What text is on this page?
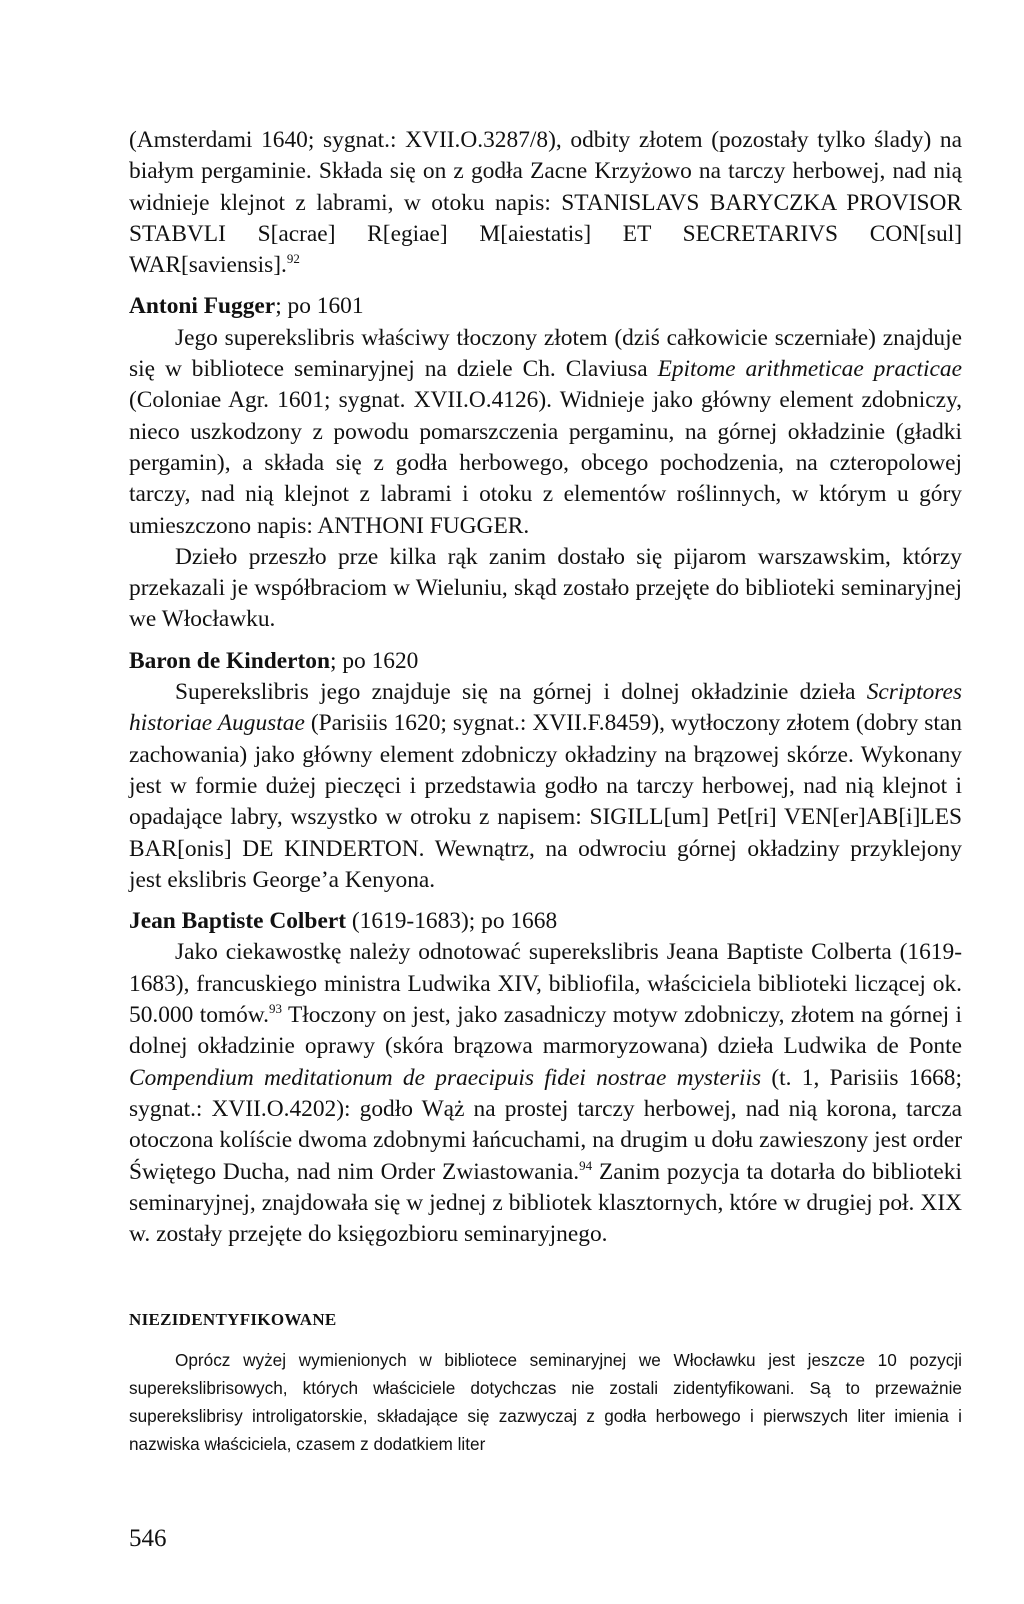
(Amsterdami 1640; sygnat.: XVII.O.3287/8), odbity złotem (pozostały tylko ślady) na białym pergaminie. Składa się on z godła Zacne Krzyżowo na tarczy herbowej, nad nią widnieje klejnot z labrami, w otoku napis: STANISLAVS BARYCZKA PROVISOR STABVLI S[acrae] R[egiae] M[aiestatis] ET SECRETARIVS CON[sul] WAR[saviensis].$^{92}$

Antoni Fugger; po 1601

Jego superekslibris właściwy tłoczony złotem (dziś całkowicie sczerniałe) znajduje się w bibliotece seminaryjnej na dziele Ch. Claviusa Epitome arithmeticae practicae (Coloniae Agr. 1601; sygnat. XVII.O.4126). Widnieje jako główny element zdobniczy, nieco uszkodzony z powodu pomarszczenia pergaminu, na górnej okładzinie (gładki pergamin), a składa się z godła herbowego, obcego pochodzenia, na czteropolowej tarczy, nad nią klejnot z labrami i otoku z elementów roślinnych, w którym u góry umieszczono napis: ANTHONI FUGGER.

Dzieło przeszło prze kilka rąk zanim dostało się pijarom warszawskim, którzy przekazali je współbraciom w Wieluniu, skąd zostało przejęte do biblioteki seminaryjnej we Włocławku.

Baron de Kinderton; po 1620

Superekslibris jego znajduje się na górnej i dolnej okładzinie dzieła Scriptores historiae Augustae (Parisiis 1620; sygnat.: XVII.F.8459), wytłoczony złotem (dobry stan zachowania) jako główny element zdobniczy okładziny na brązowej skórze. Wykonany jest w formie dużej pieczęci i przedstawia godło na tarczy herbowej, nad nią klejnot i opadające labry, wszystko w otroku z napisem: SIGILL[um] Pet[ri] VEN[er]AB[i]LES BAR[onis] DE KINDERTON. Wewnątrz, na odwrociu górnej okładziny przyklejony jest ekslibris George’a Kenyona.

Jean Baptiste Colbert (1619-1683); po 1668

Jako ciekawostkę należy odnotować superekslibris Jeana Baptiste Colberta (1619-1683), francuskiego ministra Ludwika XIV, bibliofila, właściciela biblioteki liczącej ok. 50.000 tomów.$^{93}$ Tłoczony on jest, jako zasadniczy motyw zdobniczy, złotem na górnej i dolnej okładzinie oprawy (skóra brązowa marmoryzowana) dzieła Ludwika de Ponte Compendium meditationum de praecipuis fidei nostrae mysteriis (t. 1, Parisiis 1668; sygnat.: XVII.O.4202): godło Wąż na prostej tarczy herbowej, nad nią korona, tarcza otoczona kolíście dwoma zdobnymi łańcuchami, na drugim u dołu zawieszony jest order Świętego Ducha, nad nim Order Zwiastowania.$^{94}$ Zanim pozycja ta dotarła do biblioteki seminaryjnej, znajdowała się w jednej z bibliotek klasztornych, które w drugiej poł. XIX w. zostały przejęte do księgozbioru seminaryjnego.

NIEZIDENTYFIKOWANE

Oprócz wyżej wymienionych w bibliotece seminaryjnej we Włocławku jest jeszcze 10 pozycji superekslibrisowych, których właściciele dotychczas nie zostali zidentyfikowani. Są to przeważnie superekslibrisy introligatorskie, składające się zazwyczaj z godła herbowego i pierwszych liter imienia i nazwiska właściciela, czasem z dodatkiem liter

546
